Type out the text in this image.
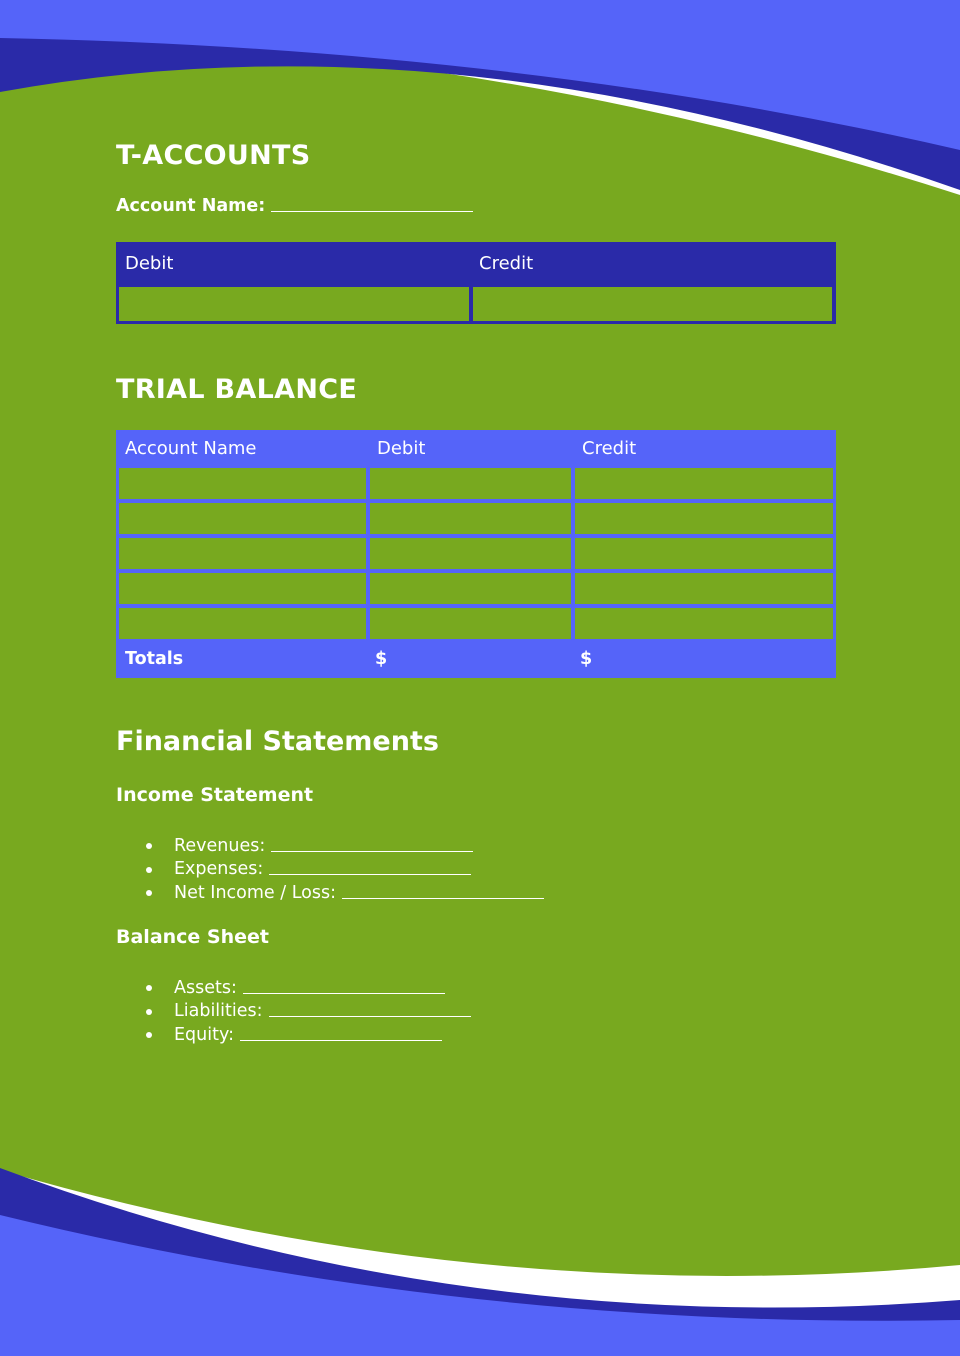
T-ACCOUNTS
Account Name:
Debit	Credit
TRIAL BALANCE
Account Name	Debit	Credit
Totals	$	$
Financial Statements
Income Statement
Revenues:
Expenses:
Net Income / Loss:
Balance Sheet
Assets:
Liabilities:
Equity:
